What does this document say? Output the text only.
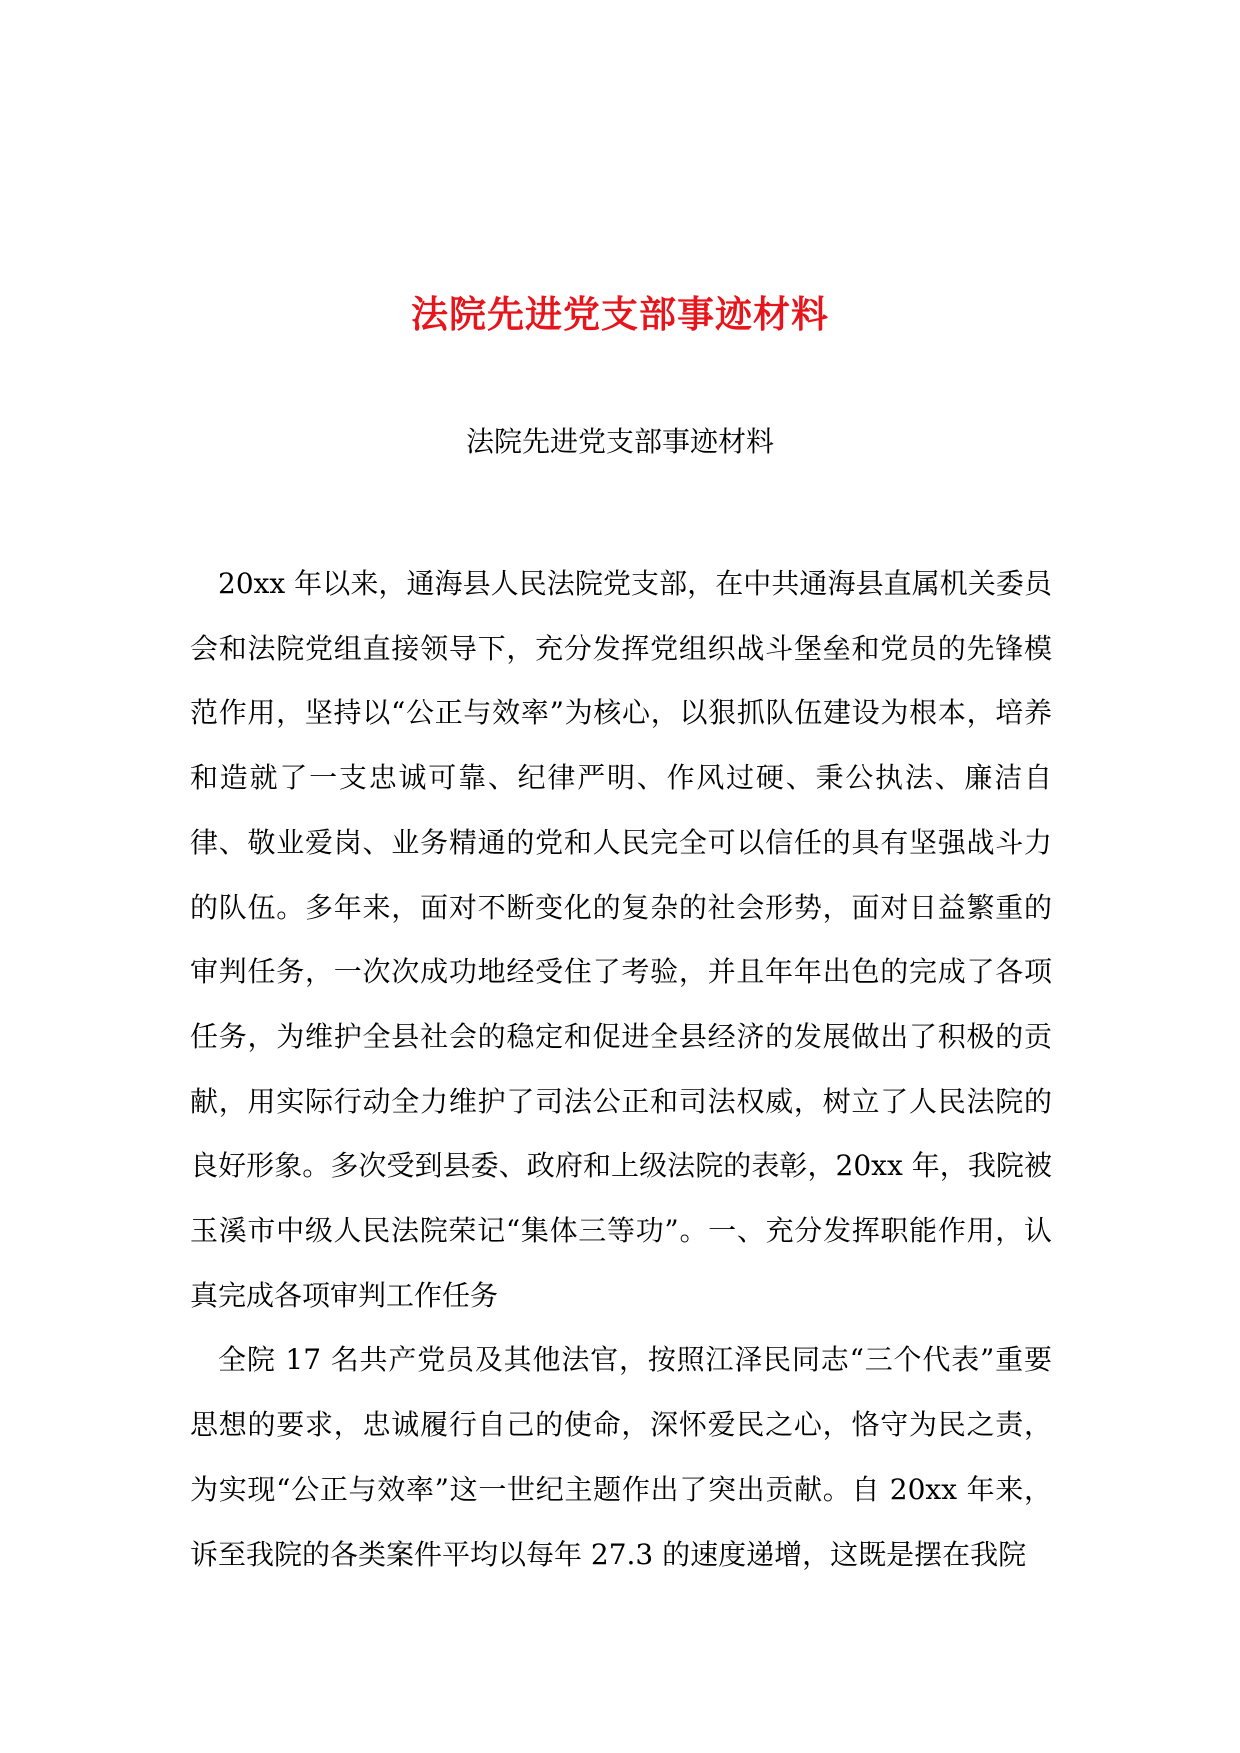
法院先进党支部事迹材料
法院先进党支部事迹材料

20xx 年以来，通海县人民法院党支部，在中共通海县直属机关委员会和法院党组直接领导下，充分发挥党组织战斗堡垒和党员的先锋模范作用，坚持以“公正与效率”为核心，以狠抓队伍建设为根本，培养和造就了一支忠诚可靠、纪律严明、作风过硬、秉公执法、廉洁自律、敬业爱岗、业务精通的党和人民完全可以信任的具有坚强战斗力的队伍。多年来，面对不断变化的复杂的社会形势，面对日益繁重的审判任务，一次次成功地经受住了考验，并且年年出色的完成了各项任务，为维护全县社会的稳定和促进全县经济的发展做出了积极的贡献，用实际行动全力维护了司法公正和司法权威，树立了人民法院的良好形象。多次受到县委、政府和上级法院的表彰，20xx 年，我院被玉溪市中级人民法院荣记“集体三等功”。一、充分发挥职能作用，认真完成各项审判工作任务

全院 17 名共产党员及其他法官，按照江泽民同志“三个代表”重要思想的要求，忠诚履行自己的使命，深怀爱民之心，恪守为民之责，为实现“公正与效率”这一世纪主题作出了突出贡献。自 20xx 年来，诉至我院的各类案件平均以每年 27.3 的速度递增，这既是摆在我院
